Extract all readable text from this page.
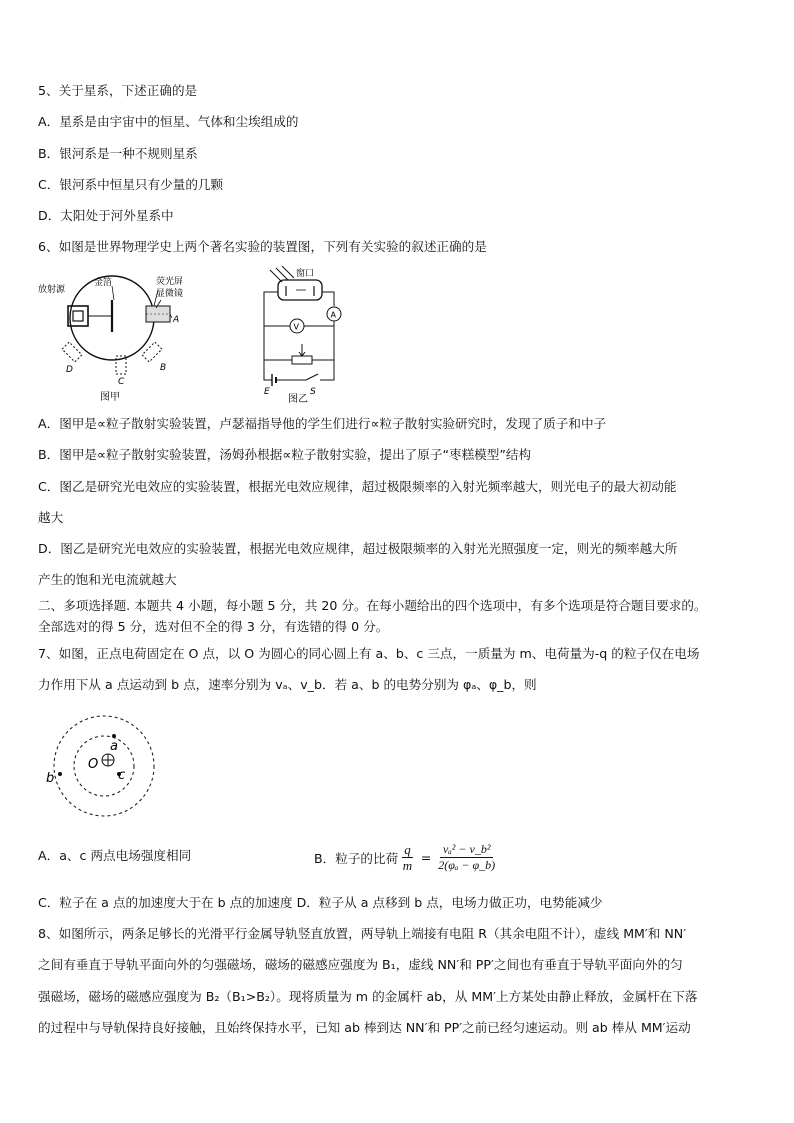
5、关于星系，下述正确的是
A．星系是由宇宙中的恒星、气体和尘埃组成的
B．银河系是一种不规则星系
C．银河系中恒星只有少量的几颗
D．太阳处于河外星系中
6、如图是世界物理学史上两个著名实验的装置图，下列有关实验的叙述正确的是
放射源
金箔	荧光屏
显微镜
A
B
C
D
图甲
窗口
A
V
E	S
图乙
A．图甲是∝粒子散射实验装置，卢瑟福指导他的学生们进行∝粒子散射实验研究时，发现了质子和中子
B．图甲是∝粒子散射实验装置，汤姆孙根据∝粒子散射实验，提出了原子“枣糕模型”结构
C．图乙是研究光电效应的实验装置，根据光电效应规律，超过极限频率的入射光频率越大，则光电子的最大初动能
越大
D．图乙是研究光电效应的实验装置，根据光电效应规律，超过极限频率的入射光光照强度一定，则光的频率越大所
产生的饱和光电流就越大
二、多项选择题. 本题共 4 小题，每小题 5 分，共 20 分。在每小题给出的四个选项中，有多个选项是符合题目要求的。
全部选对的得 5 分，选对但不全的得 3 分，有选错的得 0 分。
7、如图，正点电荷固定在 O 点，以 O 为圆心的同心圆上有 a、b、c 三点，一质量为 m、电荷量为-q 的粒子仅在电场
力作用下从 a 点运动到 b 点，速率分别为 vₐ、v_b．若 a、b 的电势分别为 φₐ、φ_b，则
O
a
c
b
A．a、c 两点电场强度相同	B．粒子的比荷 $\frac{q}{m} = \frac{\text{vₐ² − v\_b²}}{\text{2(φₐ − φ\_b)}}$
C．粒子在 a 点的加速度大于在 b 点的加速度 D．粒子从 a 点移到 b 点，电场力做正功，电势能减少
8、如图所示，两条足够长的光滑平行金属导轨竖直放置，两导轨上端接有电阻 R（其余电阻不计），虚线 MM′和 NN′
之间有垂直于导轨平面向外的匀强磁场，磁场的磁感应强度为 B₁，虚线 NN′和 PP′之间也有垂直于导轨平面向外的匀
强磁场，磁场的磁感应强度为 B₂（B₁>B₂）。现将质量为 m 的金属杆 ab，从 MM′上方某处由静止释放，金属杆在下落
的过程中与导轨保持良好接触，且始终保持水平，已知 ab 棒到达 NN′和 PP′之前已经匀速运动。则 ab 棒从 MM′运动
